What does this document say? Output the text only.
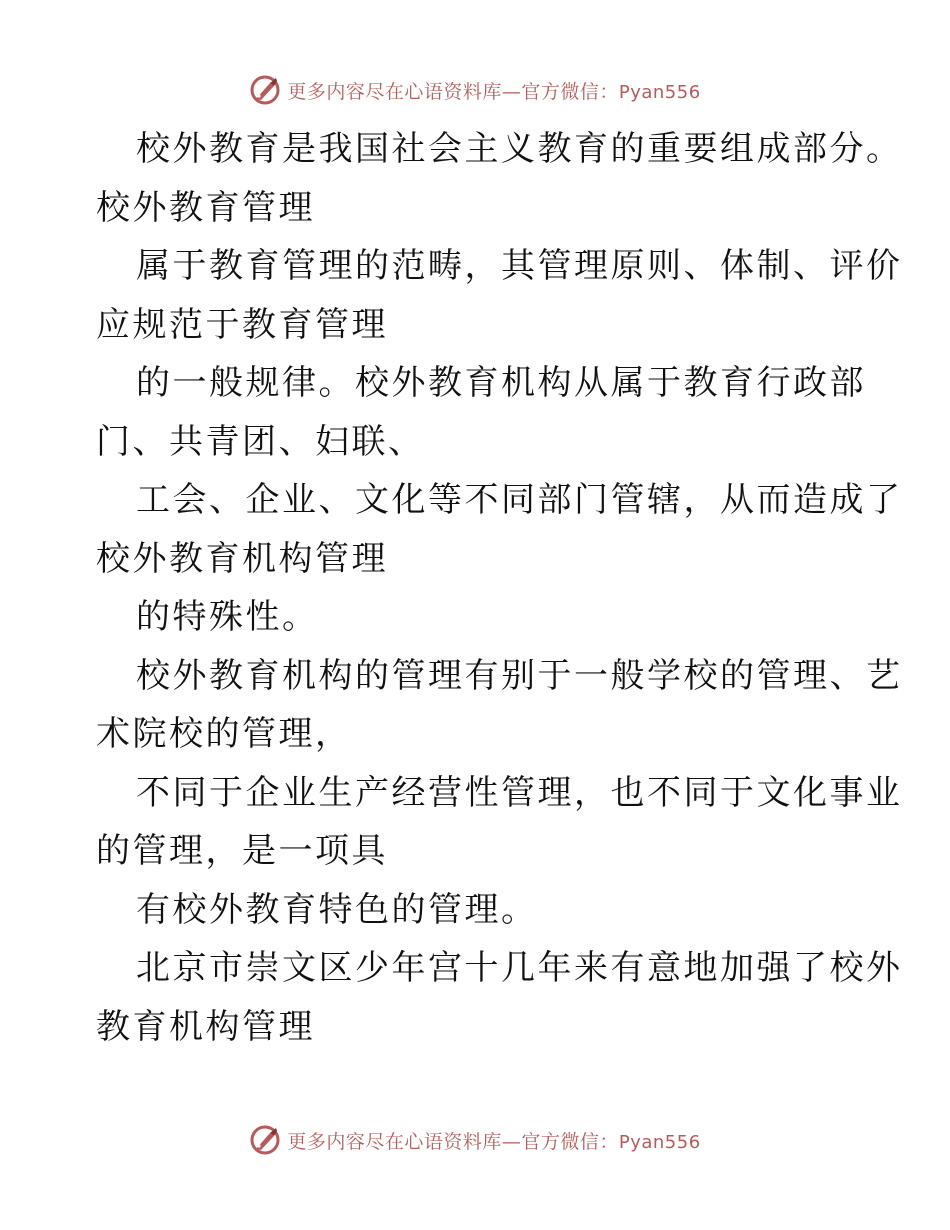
更多内容尽在心语资料库—官方微信：Pyan556

校外教育是我国社会主义教育的重要组成部分。
校外教育管理

属于教育管理的范畴，其管理原则、体制、评价
应规范于教育管理

的一般规律。校外教育机构从属于教育行政部
门、共青团、妇联、

工会、企业、文化等不同部门管辖，从而造成了
校外教育机构管理

的特殊性。

校外教育机构的管理有别于一般学校的管理、艺
术院校的管理，

不同于企业生产经营性管理，也不同于文化事业
的管理，是一项具

有校外教育特色的管理。

北京市崇文区少年宫十几年来有意地加强了校外
教育机构管理

更多内容尽在心语资料库—官方微信：Pyan556
